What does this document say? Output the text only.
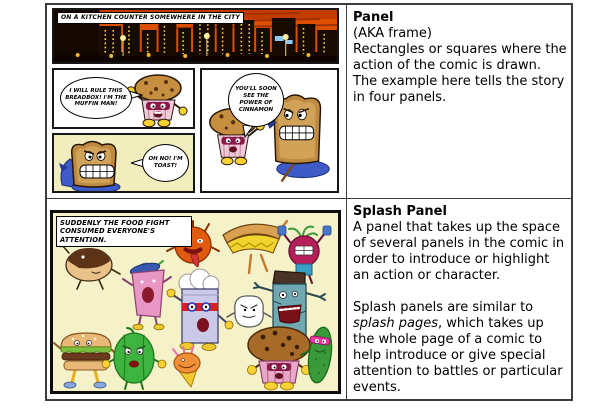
ON A KITCHEN COUNTER SOMEWHERE IN THE CITY
I WILL RULE THIS BREADBOX! I'M THE MUFFIN MAN!
OH NO! I'M TOAST!
YOU'LL SOON SEE THE POWER OF CINNAMON
Panel
(AKA frame)

Rectangles or squares where the action of the comic is drawn. The example here tells the story in four panels.

SUDDENLY THE FOOD FIGHT CONSUMED EVERYONE'S ATTENTION.
Splash Panel

A panel that takes up the space of several panels in the comic in order to introduce or highlight an action or character.

Splash panels are similar to splash pages, which takes up the whole page of a comic to help introduce or give special attention to battles or particular events.
